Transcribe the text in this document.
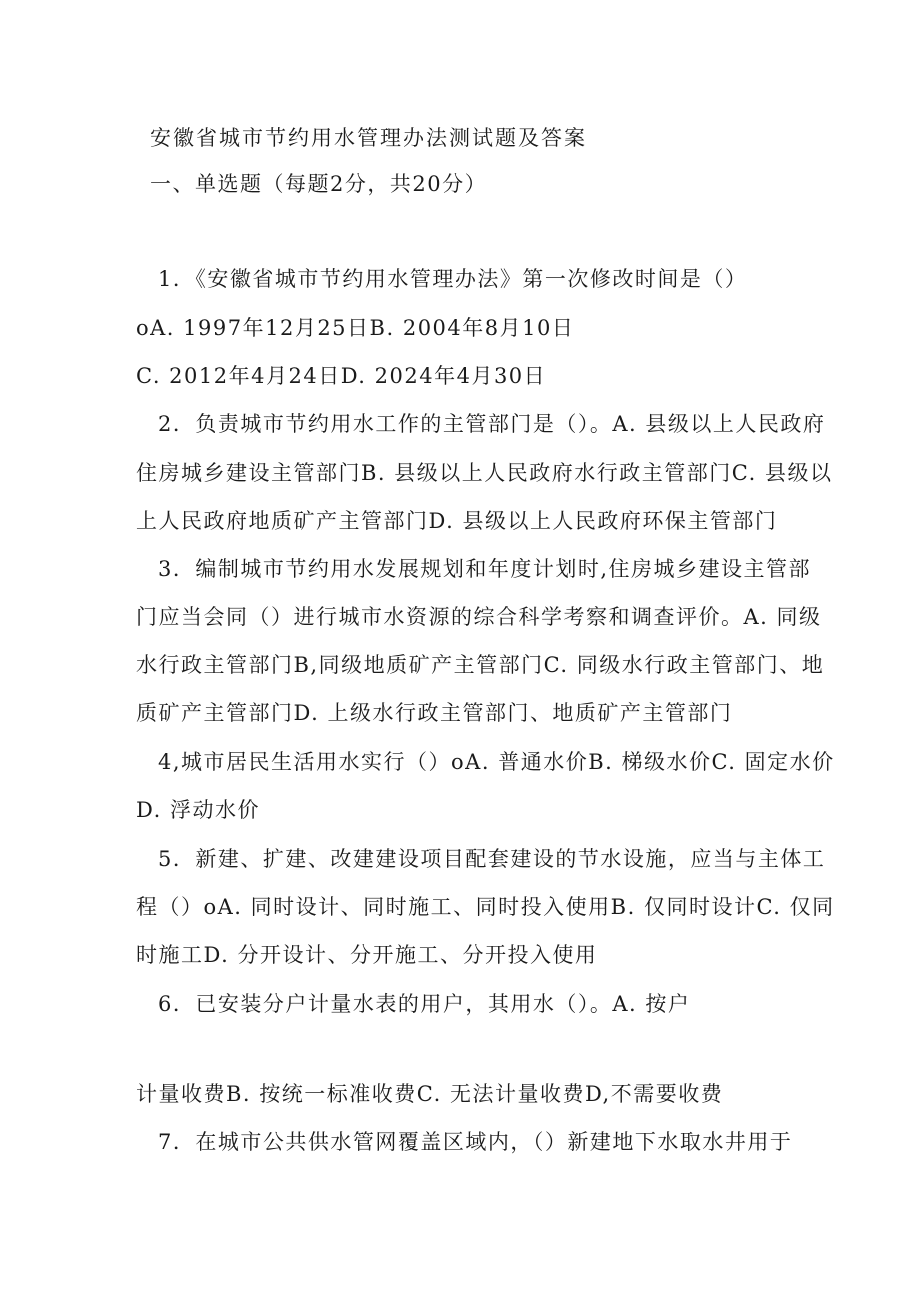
安徽省城市节约用水管理办法测试题及答案
一、单选题（每题2分，共20分）
1．《安徽省城市节约用水管理办法》第一次修改时间是（）
oA. 1997年12月25日B. 2004年8月10日
C. 2012年4月24日D. 2024年4月30日
2．负责城市节约用水工作的主管部门是（）。A. 县级以上人民政府
住房城乡建设主管部门B. 县级以上人民政府水行政主管部门C. 县级以
上人民政府地质矿产主管部门D. 县级以上人民政府环保主管部门
3．编制城市节约用水发展规划和年度计划时,住房城乡建设主管部
门应当会同（）进行城市水资源的综合科学考察和调查评价。A. 同级
水行政主管部门B,同级地质矿产主管部门C. 同级水行政主管部门、地
质矿产主管部门D. 上级水行政主管部门、地质矿产主管部门
4,城市居民生活用水实行（）oA. 普通水价B. 梯级水价C. 固定水价
D. 浮动水价
5．新建、扩建、改建建设项目配套建设的节水设施，应当与主体工
程（）oA. 同时设计、同时施工、同时投入使用B. 仅同时设计C. 仅同
时施工D. 分开设计、分开施工、分开投入使用
6．已安装分户计量水表的用户，其用水（）。A. 按户
计量收费B. 按统一标准收费C. 无法计量收费D,不需要收费
7．在城市公共供水管网覆盖区域内，（）新建地下水取水井用于
